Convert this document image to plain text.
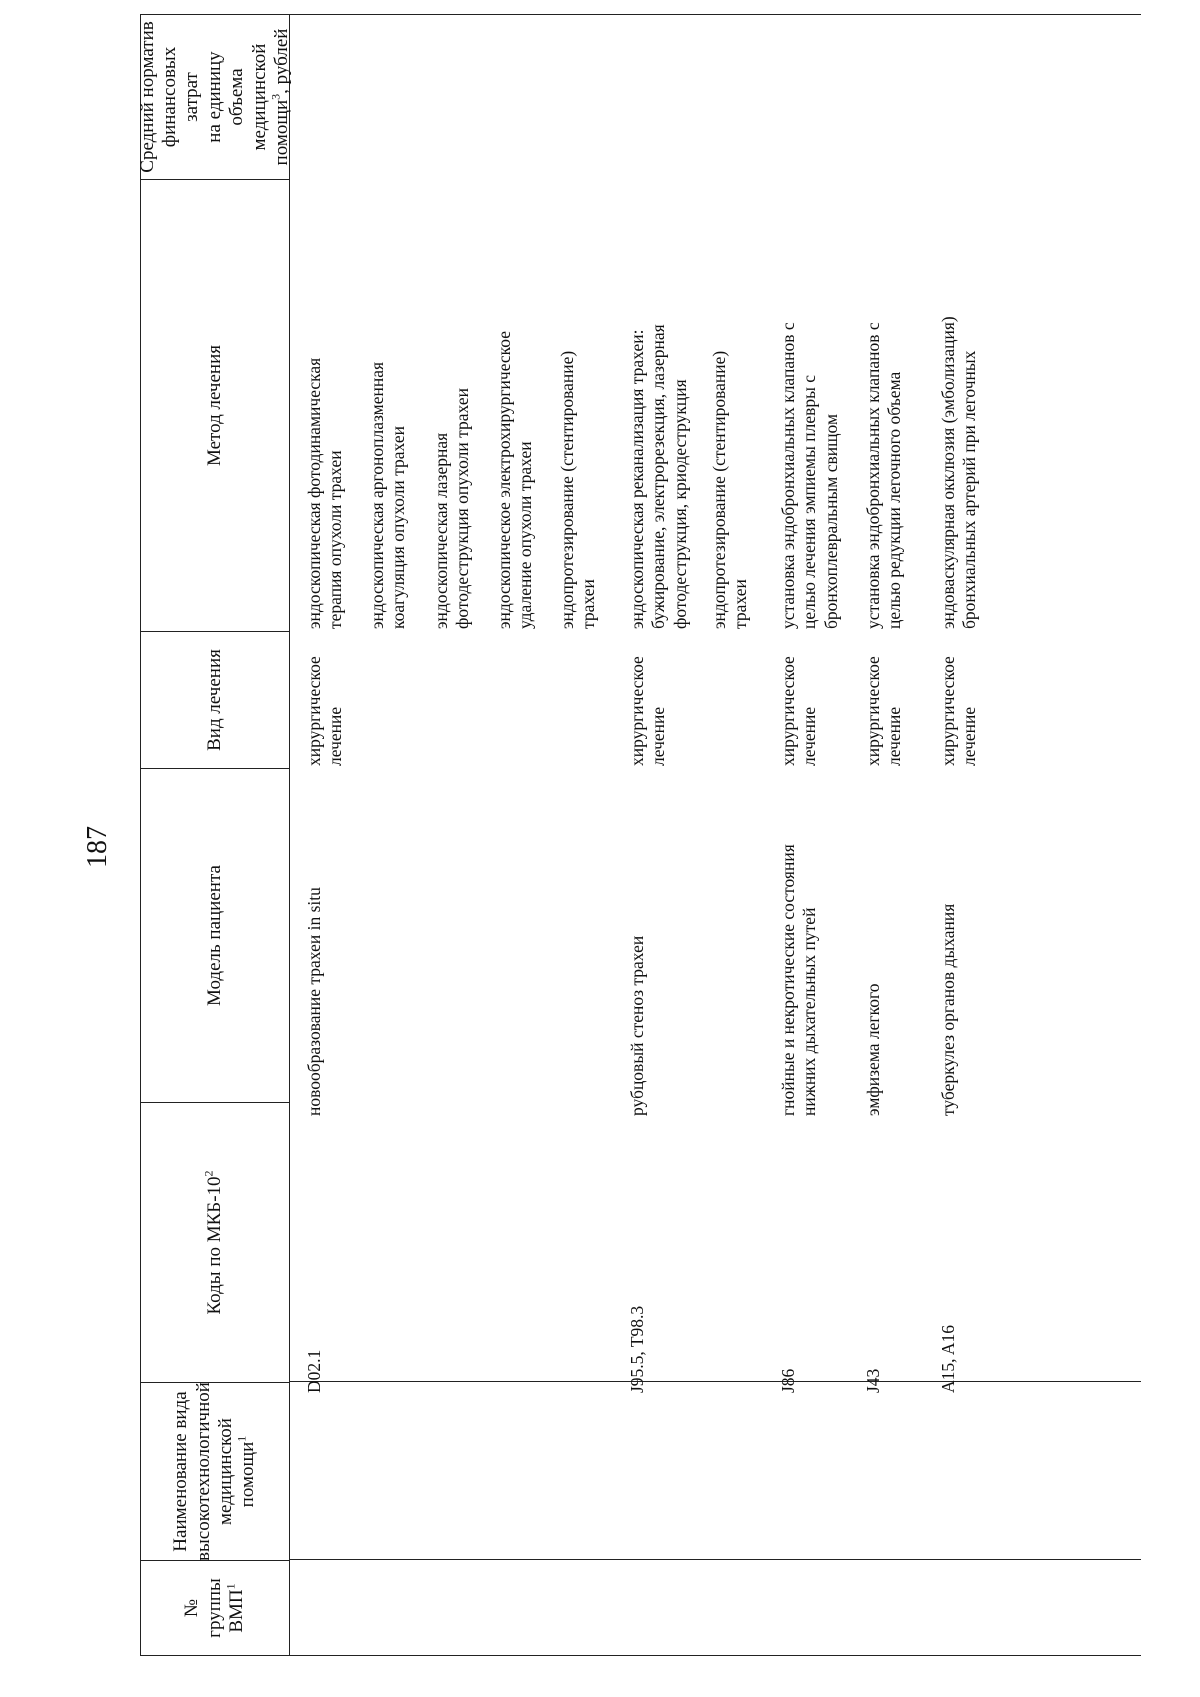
187
№
группы
ВМП$^1$
Наименование вида
высокотехнологичной
медицинской помощи$^1$
Коды по МКБ-$10^2$
Модель пациента
Вид лечения
Метод лечения
Средний норматив
финансовых затрат
на единицу объема
медицинской
помощи$^3$, рублей
D02.1
новообразование трахеи in situ
хирургическое
лечение
эндоскопическая фотодинамическая
терапия опухоли трахеи эндоскопическая аргоноплазменная
коагуляция опухоли трахеи эндоскопическая лазерная
фотодеструкция опухоли трахеи эндоскопическое электрохирургическое
удаление опухоли трахеи эндопротезирование (стентирование)
трахеи
J95.5, T98.3
рубцовый стеноз трахеи
хирургическое
лечение
эндоскопическая реканализация трахеи:
бужирование, электрорезекция, лазерная
фотодеструкция, криодеструкция эндопротезирование (стентирование)
трахеи
J86
гнойные и некротические состояния
нижних дыхательных путей
хирургическое
лечение
установка эндобронхиальных клапанов с
целью лечения эмпиемы плевры с
бронхоплевральным свищом
J43
эмфизема легкого
хирургическое
лечение
установка эндобронхиальных клапанов с
целью редукции легочного объема
A15, A16
туберкулез органов дыхания
хирургическое
лечение
эндоваскулярная окклюзия (эмболизация)
бронхиальных артерий при легочных
